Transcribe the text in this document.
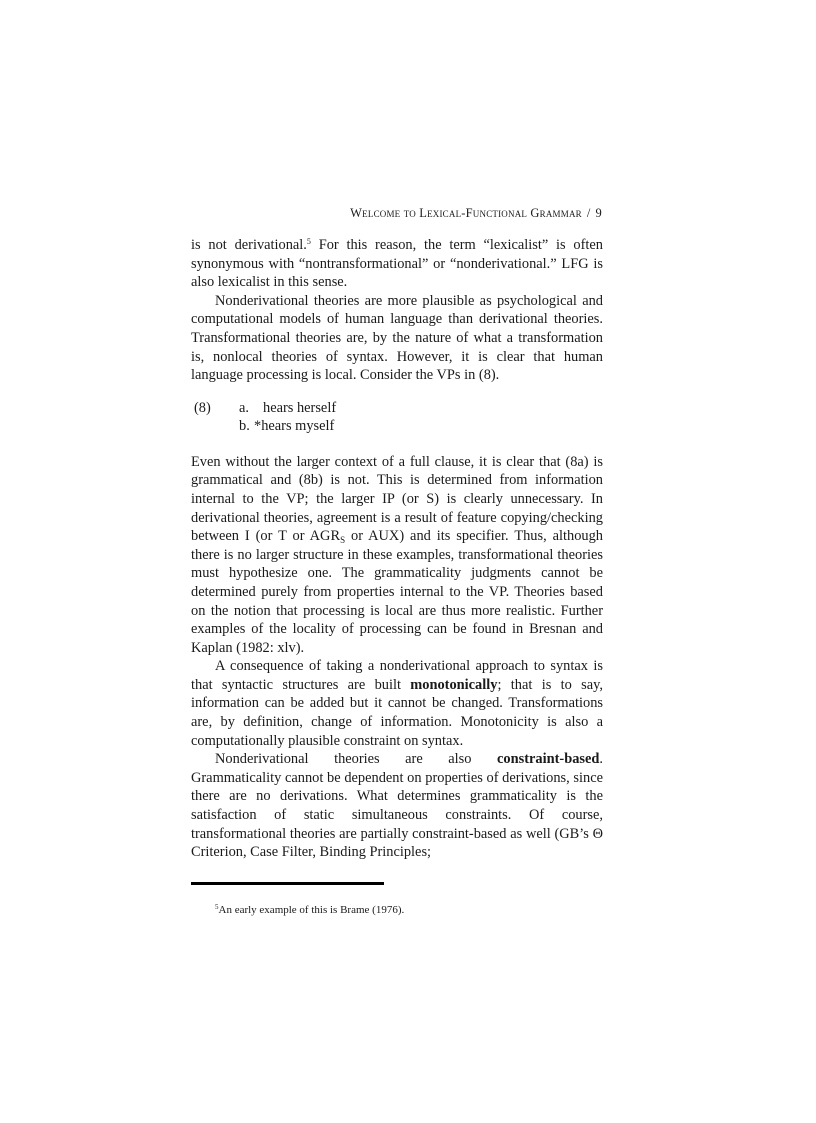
Welcome to Lexical-Functional Grammar / 9

is not derivational.$^5$ For this reason, the term “lexicalist” is often synonymous with “nontransformational” or “nonderivational.” LFG is also lexicalist in this sense.

Nonderivational theories are more plausible as psychological and computational models of human language than derivational theories. Transformational theories are, by the nature of what a transformation is, nonlocal theories of syntax. However, it is clear that human language processing is local. Consider the VPs in (8).

(8) a. hears herself
b. *hears myself

Even without the larger context of a full clause, it is clear that (8a) is grammatical and (8b) is not. This is determined from information internal to the VP; the larger IP (or S) is clearly unnecessary. In derivational theories, agreement is a result of feature copying/checking between I (or T or $AGR_S$ or AUX) and its specifier. Thus, although there is no larger structure in these examples, transformational theories must hypothesize one. The grammaticality judgments cannot be determined purely from properties internal to the VP. Theories based on the notion that processing is local are thus more realistic. Further examples of the locality of processing can be found in Bresnan and Kaplan (1982: xlv).

A consequence of taking a nonderivational approach to syntax is that syntactic structures are built monotonically; that is to say, information can be added but it cannot be changed. Transformations are, by definition, change of information. Monotonicity is also a computationally plausible constraint on syntax.

Nonderivational theories are also constraint-based. Grammaticality cannot be dependent on properties of derivations, since there are no derivations. What determines grammaticality is the satisfaction of static simultaneous constraints. Of course, transformational theories are partially constraint-based as well (GB’s Θ Criterion, Case Filter, Binding Principles;

$^5$An early example of this is Brame (1976).
